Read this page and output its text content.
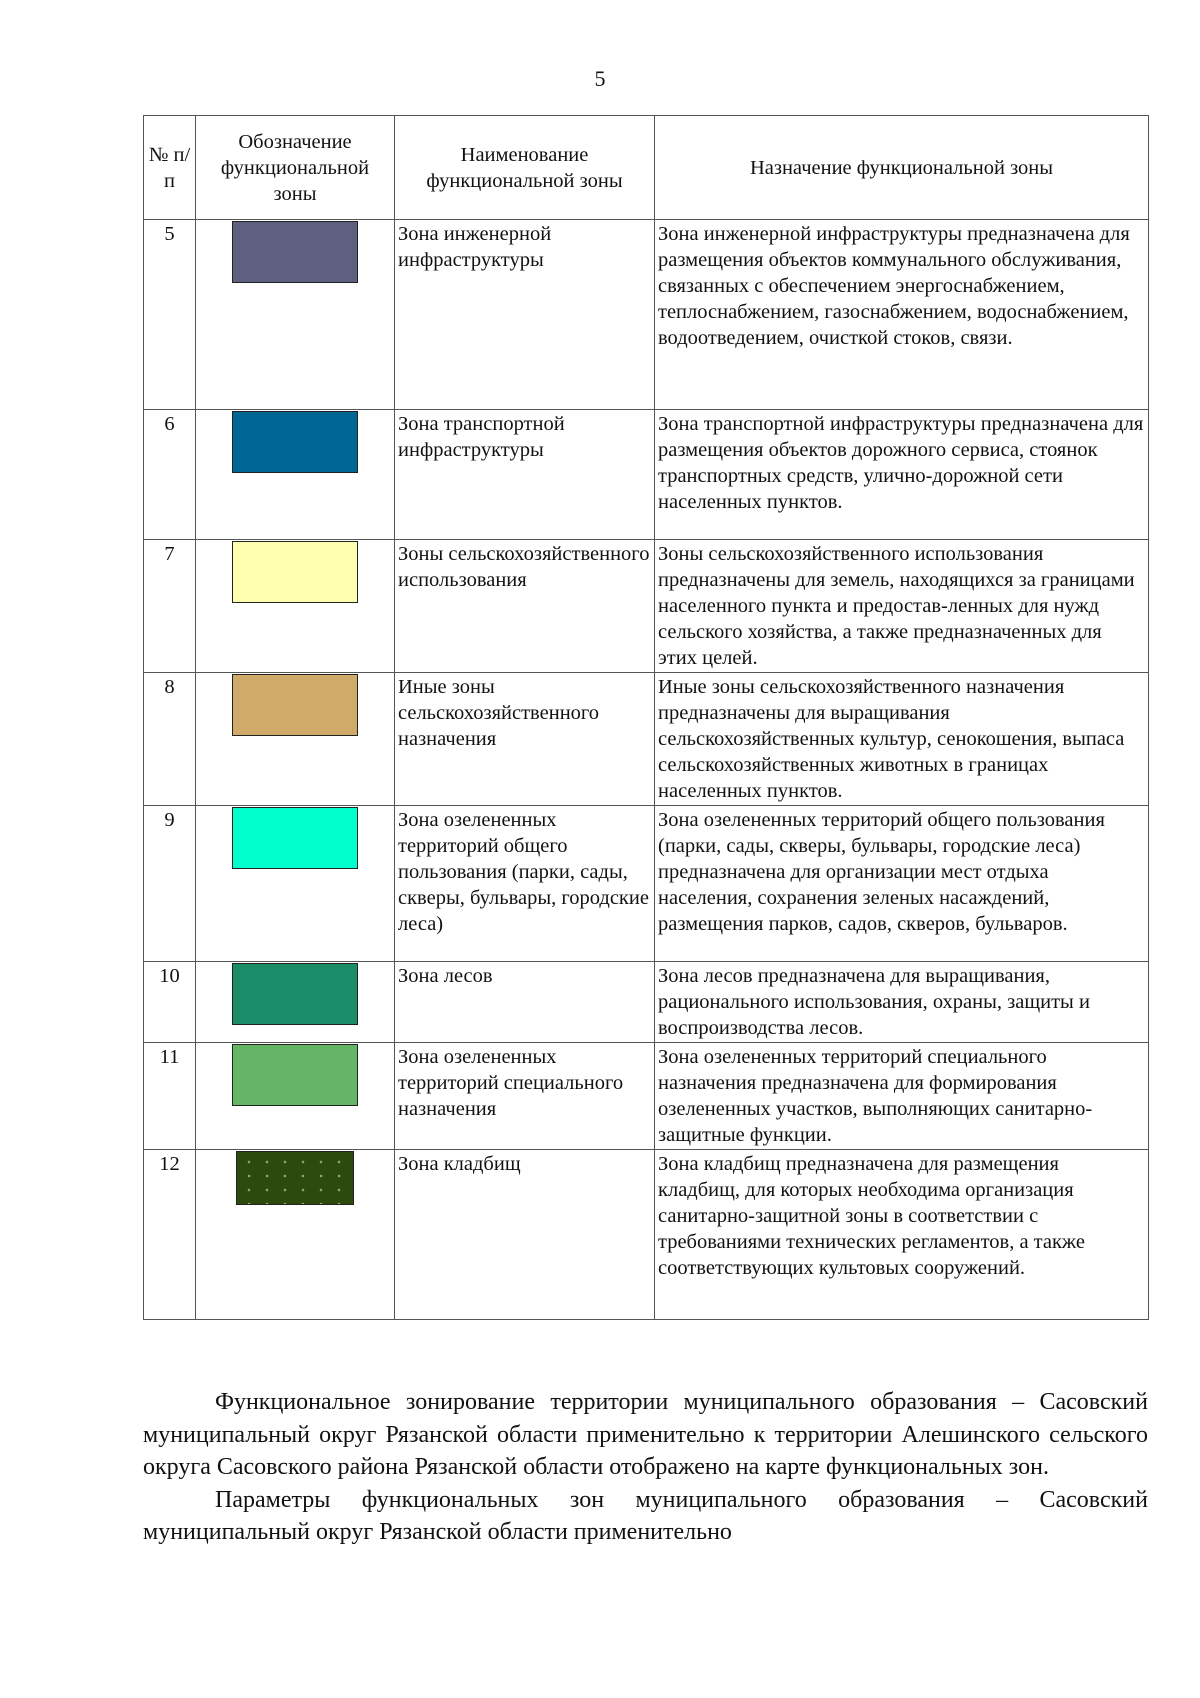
5
№ п/п	Обозначение функциональной зоны	Наименование функциональной зоны	Назначение функциональной зоны
5		Зона инженерной инфраструктуры	Зона инженерной инфраструктуры предназначена для размещения объектов коммунального обслуживания, связанных с обеспечением энергоснабжением, теплоснабжением, газоснабжением, водоснабжением, водоотведением, очисткой стоков, связи.
6		Зона транспортной инфраструктуры	Зона транспортной инфраструктуры предназначена для размещения объектов дорожного сервиса, стоянок транспортных средств, улично-дорожной сети населенных пунктов.
7		Зоны сельскохозяйственного использования	Зоны сельскохозяйственного использования предназначены для земель, находящихся за границами населенного пункта и предостав-ленных для нужд сельского хозяйства, а также предназначенных для этих целей.
8		Иные зоны сельскохозяйственного назначения	Иные зоны сельскохозяйственного назначения предназначены для выращивания сельскохозяйственных культур, сенокошения, выпаса сельскохозяйственных животных в границах населенных пунктов.
9		Зона озелененных территорий общего пользования (парки, сады, скверы, бульвары, городские леса)	Зона озелененных территорий общего пользования (парки, сады, скверы, бульвары, городские леса) предназначена для организации мест отдыха населения, сохранения зеленых насаждений, размещения парков, садов, скверов, бульваров.
10		Зона лесов	Зона лесов предназначена для выращивания, рационального использования, охраны, защиты и воспроизводства лесов.
11		Зона озелененных территорий специального назначения	Зона озелененных территорий специального назначения предназначена для формирования озелененных участков, выполняющих санитарно-защитные функции.
12		Зона кладбищ	Зона кладбищ предназначена для размещения кладбищ, для которых необходима организация санитарно-защитной зоны в соответствии с требованиями технических регламентов, а также соответствующих культовых сооружений.

Функциональное зонирование территории муниципального образования – Сасовский муниципальный округ Рязанской области применительно к территории Алешинского сельского округа Сасовского района Рязанской области отображено на карте функциональных зон.

Параметры функциональных зон муниципального образования – Сасовский муниципальный округ Рязанской области применительно
